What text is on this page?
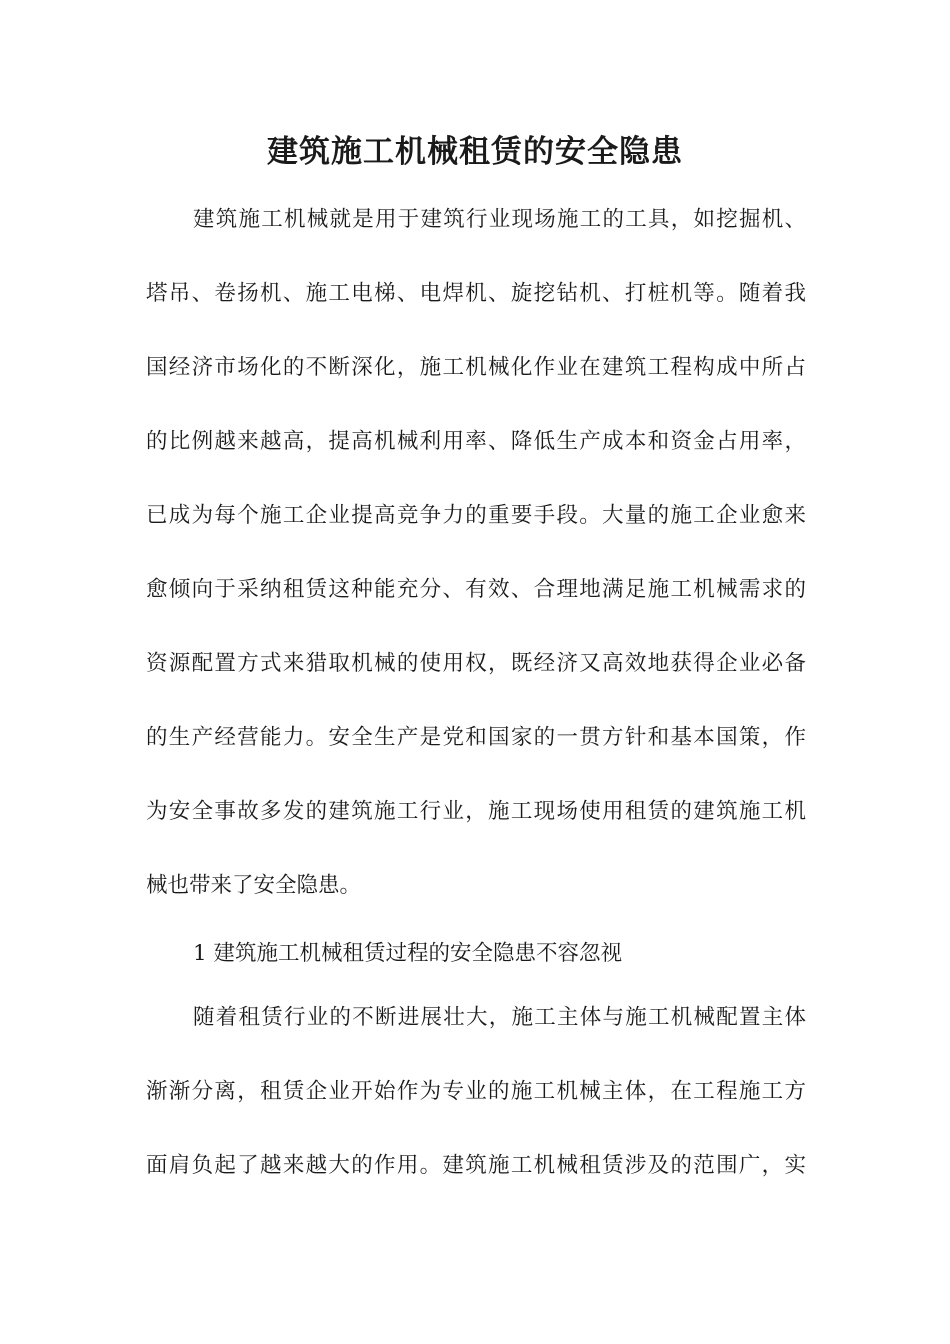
建筑施工机械租赁的安全隐患

建筑施工机械就是用于建筑行业现场施工的工具，如挖掘机、

塔吊、卷扬机、施工电梯、电焊机、旋挖钻机、打桩机等。随着我

国经济市场化的不断深化，施工机械化作业在建筑工程构成中所占

的比例越来越高，提高机械利用率、降低生产成本和资金占用率，

已成为每个施工企业提高竞争力的重要手段。大量的施工企业愈来

愈倾向于采纳租赁这种能充分、有效、合理地满足施工机械需求的

资源配置方式来猎取机械的使用权，既经济又高效地获得企业必备

的生产经营能力。安全生产是党和国家的一贯方针和基本国策，作

为安全事故多发的建筑施工行业，施工现场使用租赁的建筑施工机

械也带来了安全隐患。

1 建筑施工机械租赁过程的安全隐患不容忽视

随着租赁行业的不断进展壮大，施工主体与施工机械配置主体

渐渐分离，租赁企业开始作为专业的施工机械主体，在工程施工方

面肩负起了越来越大的作用。建筑施工机械租赁涉及的范围广，实
